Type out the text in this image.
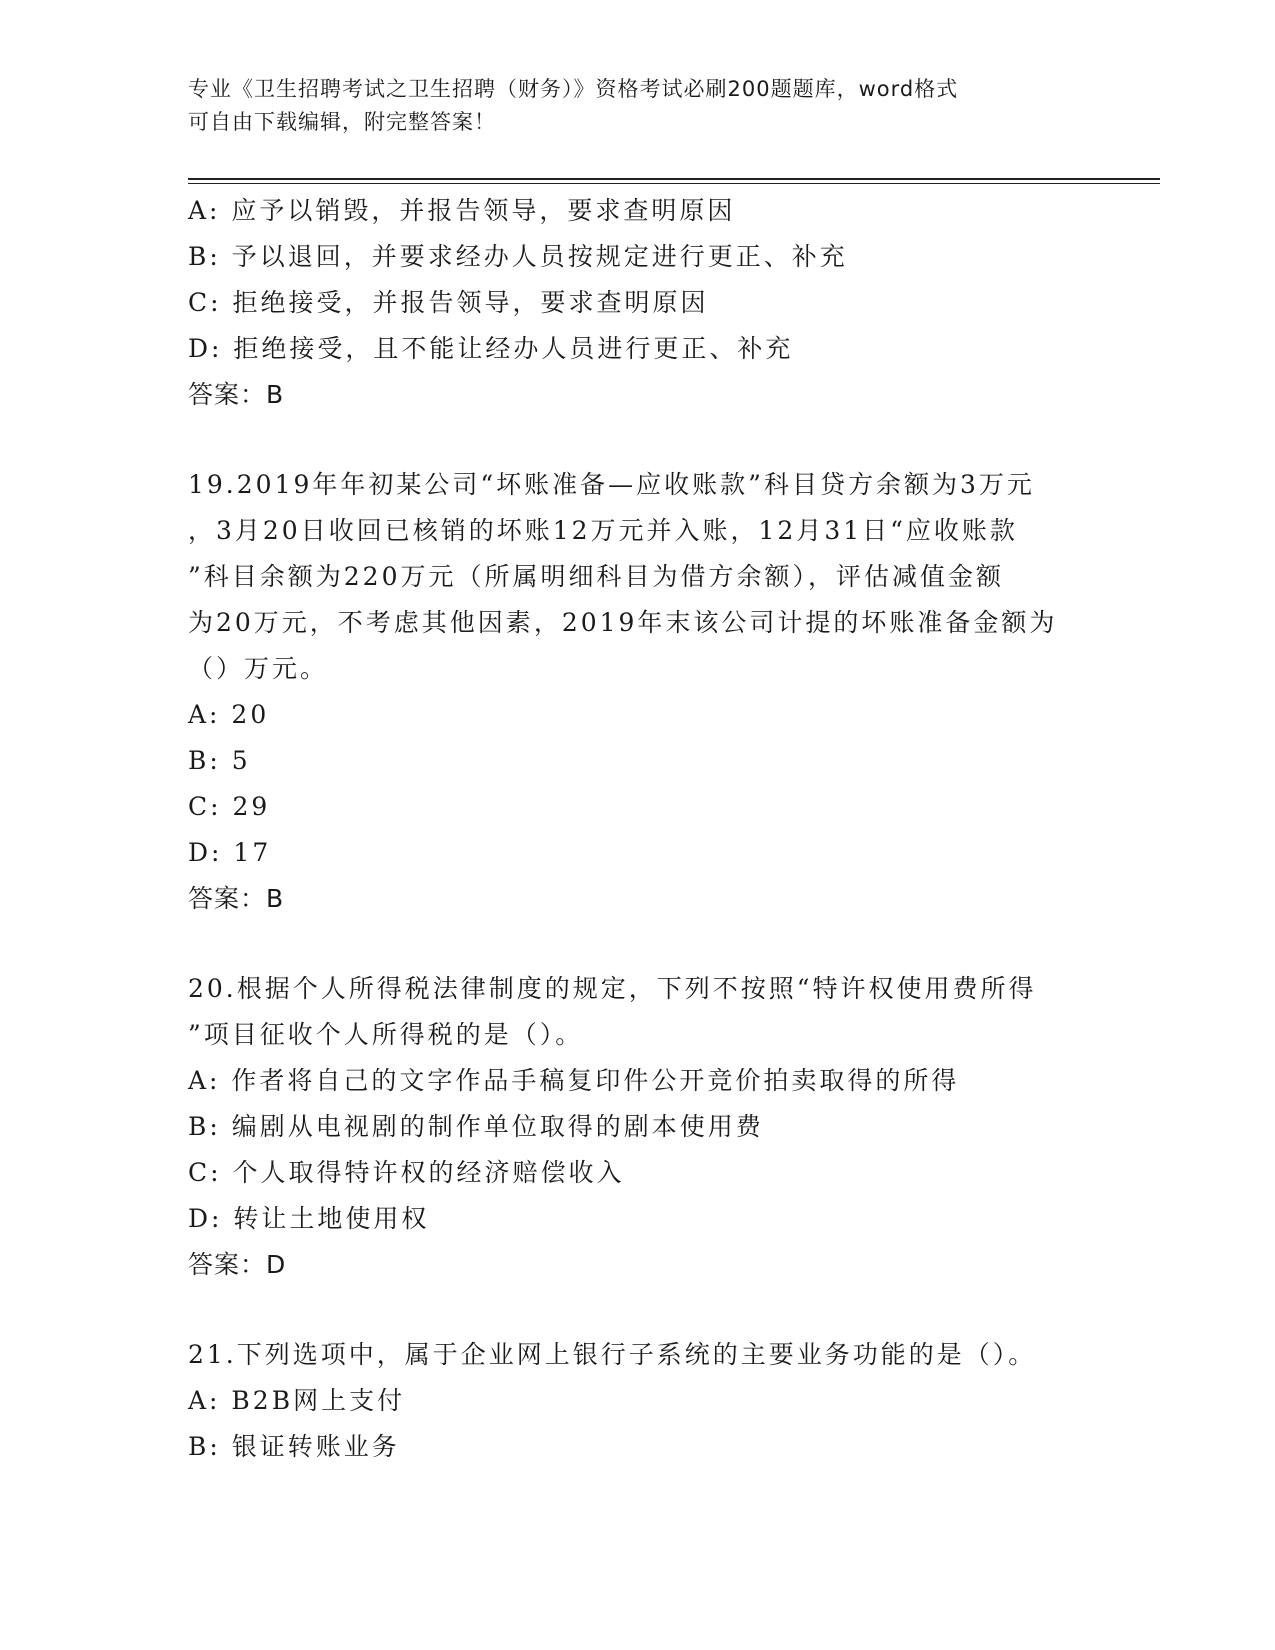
专业《卫生招聘考试之卫生招聘（财务）》资格考试必刷200题题库，word格式
可自由下载编辑，附完整答案！
A: 应予以销毁，并报告领导，要求查明原因
B: 予以退回，并要求经办人员按规定进行更正、补充
C: 拒绝接受，并报告领导，要求查明原因
D: 拒绝接受，且不能让经办人员进行更正、补充
答案：B
19.2019年年初某公司“坏账准备—应收账款”科目贷方余额为3万元
，3月20日收回已核销的坏账12万元并入账，12月31日“应收账款
”科目余额为220万元（所属明细科目为借方余额），评估减值金额
为20万元，不考虑其他因素，2019年末该公司计提的坏账准备金额为
（）万元。
A: 20
B: 5
C: 29
D: 17
答案：B
20.根据个人所得税法律制度的规定，下列不按照“特许权使用费所得
”项目征收个人所得税的是（）。
A: 作者将自己的文字作品手稿复印件公开竞价拍卖取得的所得
B: 编剧从电视剧的制作单位取得的剧本使用费
C: 个人取得特许权的经济赔偿收入
D: 转让土地使用权
答案：D
21.下列选项中，属于企业网上银行子系统的主要业务功能的是（）。
A: B2B网上支付
B: 银证转账业务
